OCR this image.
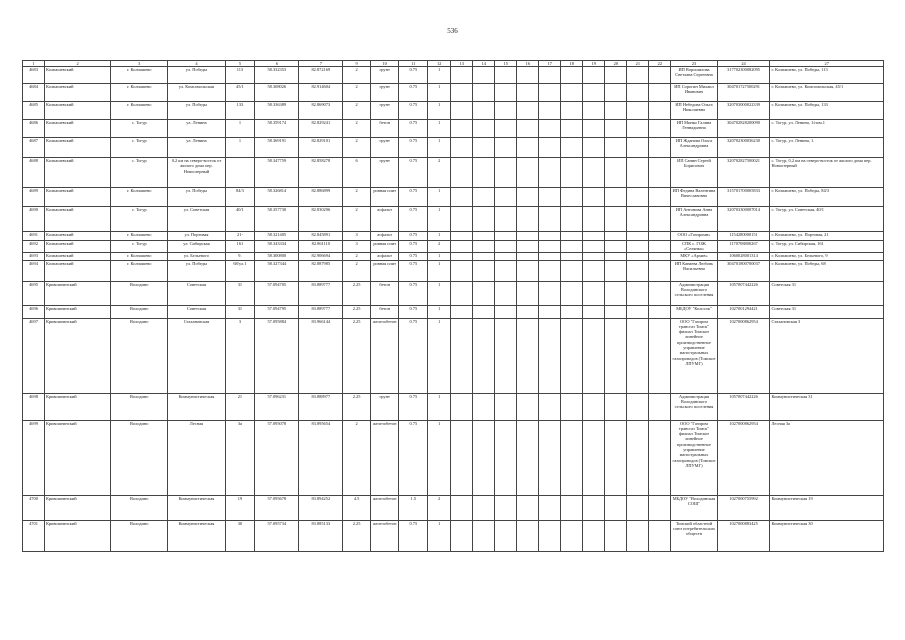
536
1	2	3	4	5	6	7	9	10	11	12	13	14	15	16	17	18	19	20	21	22	23	24	27
4683	Колпашевский	г. Колпашево	ул. Победы	113	58.332353	82.872169	2	грунт	0.75	1											ИП Ворошилова Светлана Сергеевна	317702300082095	г. Колпашево, ул. Победы, 113
4684	Колпашевский	г. Колпашево	ул. Комсомольская	45/1	58.308026	82.914604	2	грунт	0.75	1											ИП Сорогин Михаил Иванович	304701727500291	г. Колпашево, ул. Комсомольская, 45/1
4685	Колпашевский	г. Колпашево	ул. Победы	133	58.336389	82.869073	2	грунт	0.75	1											ИП Небедова Ольга Николаевна	320703000022339	г. Колпашево, ул. Победы, 133
4686	Колпашевский	с. Тогур	ул. Ленина	1	58.359174	82.829241	2	бетон	0.75	1											ИП Минко Галина Геннадьевна	304702828200090	с. Тогур, ул. Ленина, 1/пом.1
4687	Колпашевский	с. Тогур	ул. Ленина	1	58.369191	82.829101	2	грунт	0.75	1											ИП Жданова Ольга Александровна	320702300036230	с. Тогур, ул. Ленина, 1.
4688	Колпашевский	с. Тогур	0,2 км на северо-восток от жилого дома пер. Новоозерный		58.347759	82.858278	6	грунт	0.75	2											ИП Санин Сергей Борисович	320702827500021	с. Тогур, 0,2 км на северо-восток от жилого дома пер. Новоозерный
4689	Колпашевский	г. Колпашево	ул. Победы	84/3	58.326814	82.886899	2	ровная плит	0.75	1											ИП Федина Валентина Вячеславовна	315701700005833	г. Колпашево, ул. Победы, 84/3
4690	Колпашевский	с. Тогур	ул. Советская	40/1	58.357730	82.830296	2	асфальт	0.75	1											ИП Антонова Анна Александровна	320703300007014	с. Тогур, ул. Советская, 40/1
4691	Колпашевский	г. Колпашево	ул. Портовая	21-	58.321405	82.845891	3	асфальт	0.75	1											ООО «Газпромн»	1154280000151	г. Колпашево, ул. Портовая, 21
4692	Колпашевский	с. Тогур	ул. Сибирская	161	58.343334	82.861110	3	ровная плит	0.75	2											СПК с. ГОЖ «Селянка»	1170708800267	с. Тогур, ул. Сибирская, 161
4693	Колпашевский	г. Колпашево	ул. Бельевого	9.	58.300800	82.906694	2	асфальт	0.75	1											МКУ «Архив»	1060028001314	г. Колпашево, ул. Бельевого, 9
4694	Колпашевский	г. Колпашево	ул. Победы	68/ул.1	58.327344	82.887985	2	ровная плит	0.75	1											ИП Канаева Любовь Васильевна	304701800700037	г. Колпашево, ул. Победы, 68
4695	Кривошеинский	Володино	Советская	31	57.094705	83.889777	2.25	бетон	0.75	1											Администрация Володинского сельского поселения	1057007442226	Советская 31
4696	Кривошеинский	Володино	Советская	31	57.094795	83.889777	2.25	бетон	0.75	1											МБДОУ "Колосок"	1027001294421	Советская 31
4697	Кривошеинский	Володино	Стахановская	3	57.095884	83.966144	2.25	железобетон	0.75	1											ООО "Газпром трансгаз Томск" филиал Томское линейное производственное управление магистральных газопроводов (Томское ЛПУМГ)	1027000862954	Стахановская 3
4698	Кривошеинский	Володино	Коммунистическая	21	57.096231	83.888977	2.25	грунт	0.75	1											Администрация Володинского сельского поселения	1057007442226	Коммунистическая 31
4699	Кривошеинский	Володино	Лесная	3а	57.095078	83.895654	2	железобетон	0.75	1											ООО "Газпром трансгаз Томск" филиал Томское линейное производственное управление магистральных газопроводов (Томское ЛПУМГ)	1027000862954	Лесная 3а
4700	Кривошеинский	Володино	Коммунистическая	19	57.095678	83.894252	4.5	железобетон	1.5	2											МБДОУ "Володинская СОШ"	1027000755992	Коммунистическая 19
4701	Кривошеинский	Володино	Коммунистическая	30	57.095734	83.885133	2.25	железобетон	0.75	1											Томский областной союз потребительских обществ	1027000883425	Коммунистическая 30
